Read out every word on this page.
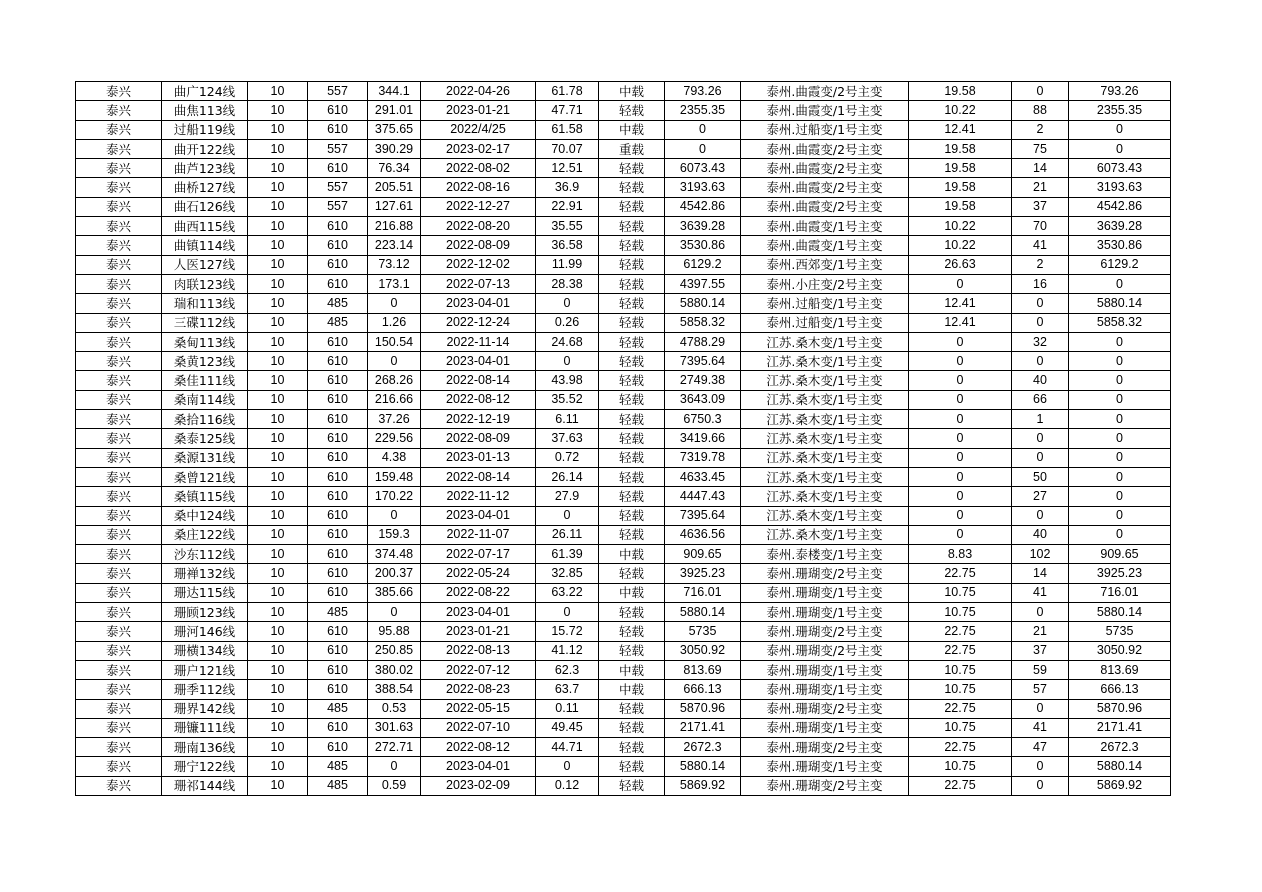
泰兴	曲广124线	10	557	344.1	2022-04-26	61.78	中载	793.26	泰州.曲霞变/2号主变	19.58	0	793.26
泰兴	曲焦113线	10	610	291.01	2023-01-21	47.71	轻载	2355.35	泰州.曲霞变/1号主变	10.22	88	2355.35
泰兴	过船119线	10	610	375.65	2022/4/25	61.58	中载	0	泰州.过船变/1号主变	12.41	2	0
泰兴	曲开122线	10	557	390.29	2023-02-17	70.07	重载	0	泰州.曲霞变/2号主变	19.58	75	0
泰兴	曲芦123线	10	610	76.34	2022-08-02	12.51	轻载	6073.43	泰州.曲霞变/2号主变	19.58	14	6073.43
泰兴	曲桥127线	10	557	205.51	2022-08-16	36.9	轻载	3193.63	泰州.曲霞变/2号主变	19.58	21	3193.63
泰兴	曲石126线	10	557	127.61	2022-12-27	22.91	轻载	4542.86	泰州.曲霞变/2号主变	19.58	37	4542.86
泰兴	曲西115线	10	610	216.88	2022-08-20	35.55	轻载	3639.28	泰州.曲霞变/1号主变	10.22	70	3639.28
泰兴	曲镇114线	10	610	223.14	2022-08-09	36.58	轻载	3530.86	泰州.曲霞变/1号主变	10.22	41	3530.86
泰兴	人医127线	10	610	73.12	2022-12-02	11.99	轻载	6129.2	泰州.西郊变/1号主变	26.63	2	6129.2
泰兴	肉联123线	10	610	173.1	2022-07-13	28.38	轻载	4397.55	泰州.小庄变/2号主变	0	16	0
泰兴	瑞和113线	10	485	0	2023-04-01	0	轻载	5880.14	泰州.过船变/1号主变	12.41	0	5880.14
泰兴	三碟112线	10	485	1.26	2022-12-24	0.26	轻载	5858.32	泰州.过船变/1号主变	12.41	0	5858.32
泰兴	桑甸113线	10	610	150.54	2022-11-14	24.68	轻载	4788.29	江苏.桑木变/1号主变	0	32	0
泰兴	桑黄123线	10	610	0	2023-04-01	0	轻载	7395.64	江苏.桑木变/1号主变	0	0	0
泰兴	桑佳111线	10	610	268.26	2022-08-14	43.98	轻载	2749.38	江苏.桑木变/1号主变	0	40	0
泰兴	桑南114线	10	610	216.66	2022-08-12	35.52	轻载	3643.09	江苏.桑木变/1号主变	0	66	0
泰兴	桑拾116线	10	610	37.26	2022-12-19	6.11	轻载	6750.3	江苏.桑木变/1号主变	0	1	0
泰兴	桑泰125线	10	610	229.56	2022-08-09	37.63	轻载	3419.66	江苏.桑木变/1号主变	0	0	0
泰兴	桑源131线	10	610	4.38	2023-01-13	0.72	轻载	7319.78	江苏.桑木变/1号主变	0	0	0
泰兴	桑曾121线	10	610	159.48	2022-08-14	26.14	轻载	4633.45	江苏.桑木变/1号主变	0	50	0
泰兴	桑镇115线	10	610	170.22	2022-11-12	27.9	轻载	4447.43	江苏.桑木变/1号主变	0	27	0
泰兴	桑中124线	10	610	0	2023-04-01	0	轻载	7395.64	江苏.桑木变/1号主变	0	0	0
泰兴	桑庄122线	10	610	159.3	2022-11-07	26.11	轻载	4636.56	江苏.桑木变/1号主变	0	40	0
泰兴	沙东112线	10	610	374.48	2022-07-17	61.39	中载	909.65	泰州.泰楼变/1号主变	8.83	102	909.65
泰兴	珊禅132线	10	610	200.37	2022-05-24	32.85	轻载	3925.23	泰州.珊瑚变/2号主变	22.75	14	3925.23
泰兴	珊达115线	10	610	385.66	2022-08-22	63.22	中载	716.01	泰州.珊瑚变/1号主变	10.75	41	716.01
泰兴	珊顾123线	10	485	0	2023-04-01	0	轻载	5880.14	泰州.珊瑚变/1号主变	10.75	0	5880.14
泰兴	珊河146线	10	610	95.88	2023-01-21	15.72	轻载	5735	泰州.珊瑚变/2号主变	22.75	21	5735
泰兴	珊横134线	10	610	250.85	2022-08-13	41.12	轻载	3050.92	泰州.珊瑚变/2号主变	22.75	37	3050.92
泰兴	珊户121线	10	610	380.02	2022-07-12	62.3	中载	813.69	泰州.珊瑚变/1号主变	10.75	59	813.69
泰兴	珊季112线	10	610	388.54	2022-08-23	63.7	中载	666.13	泰州.珊瑚变/1号主变	10.75	57	666.13
泰兴	珊界142线	10	485	0.53	2022-05-15	0.11	轻载	5870.96	泰州.珊瑚变/2号主变	22.75	0	5870.96
泰兴	珊镰111线	10	610	301.63	2022-07-10	49.45	轻载	2171.41	泰州.珊瑚变/1号主变	10.75	41	2171.41
泰兴	珊南136线	10	610	272.71	2022-08-12	44.71	轻载	2672.3	泰州.珊瑚变/2号主变	22.75	47	2672.3
泰兴	珊宁122线	10	485	0	2023-04-01	0	轻载	5880.14	泰州.珊瑚变/1号主变	10.75	0	5880.14
泰兴	珊祁144线	10	485	0.59	2023-02-09	0.12	轻载	5869.92	泰州.珊瑚变/2号主变	22.75	0	5869.92
